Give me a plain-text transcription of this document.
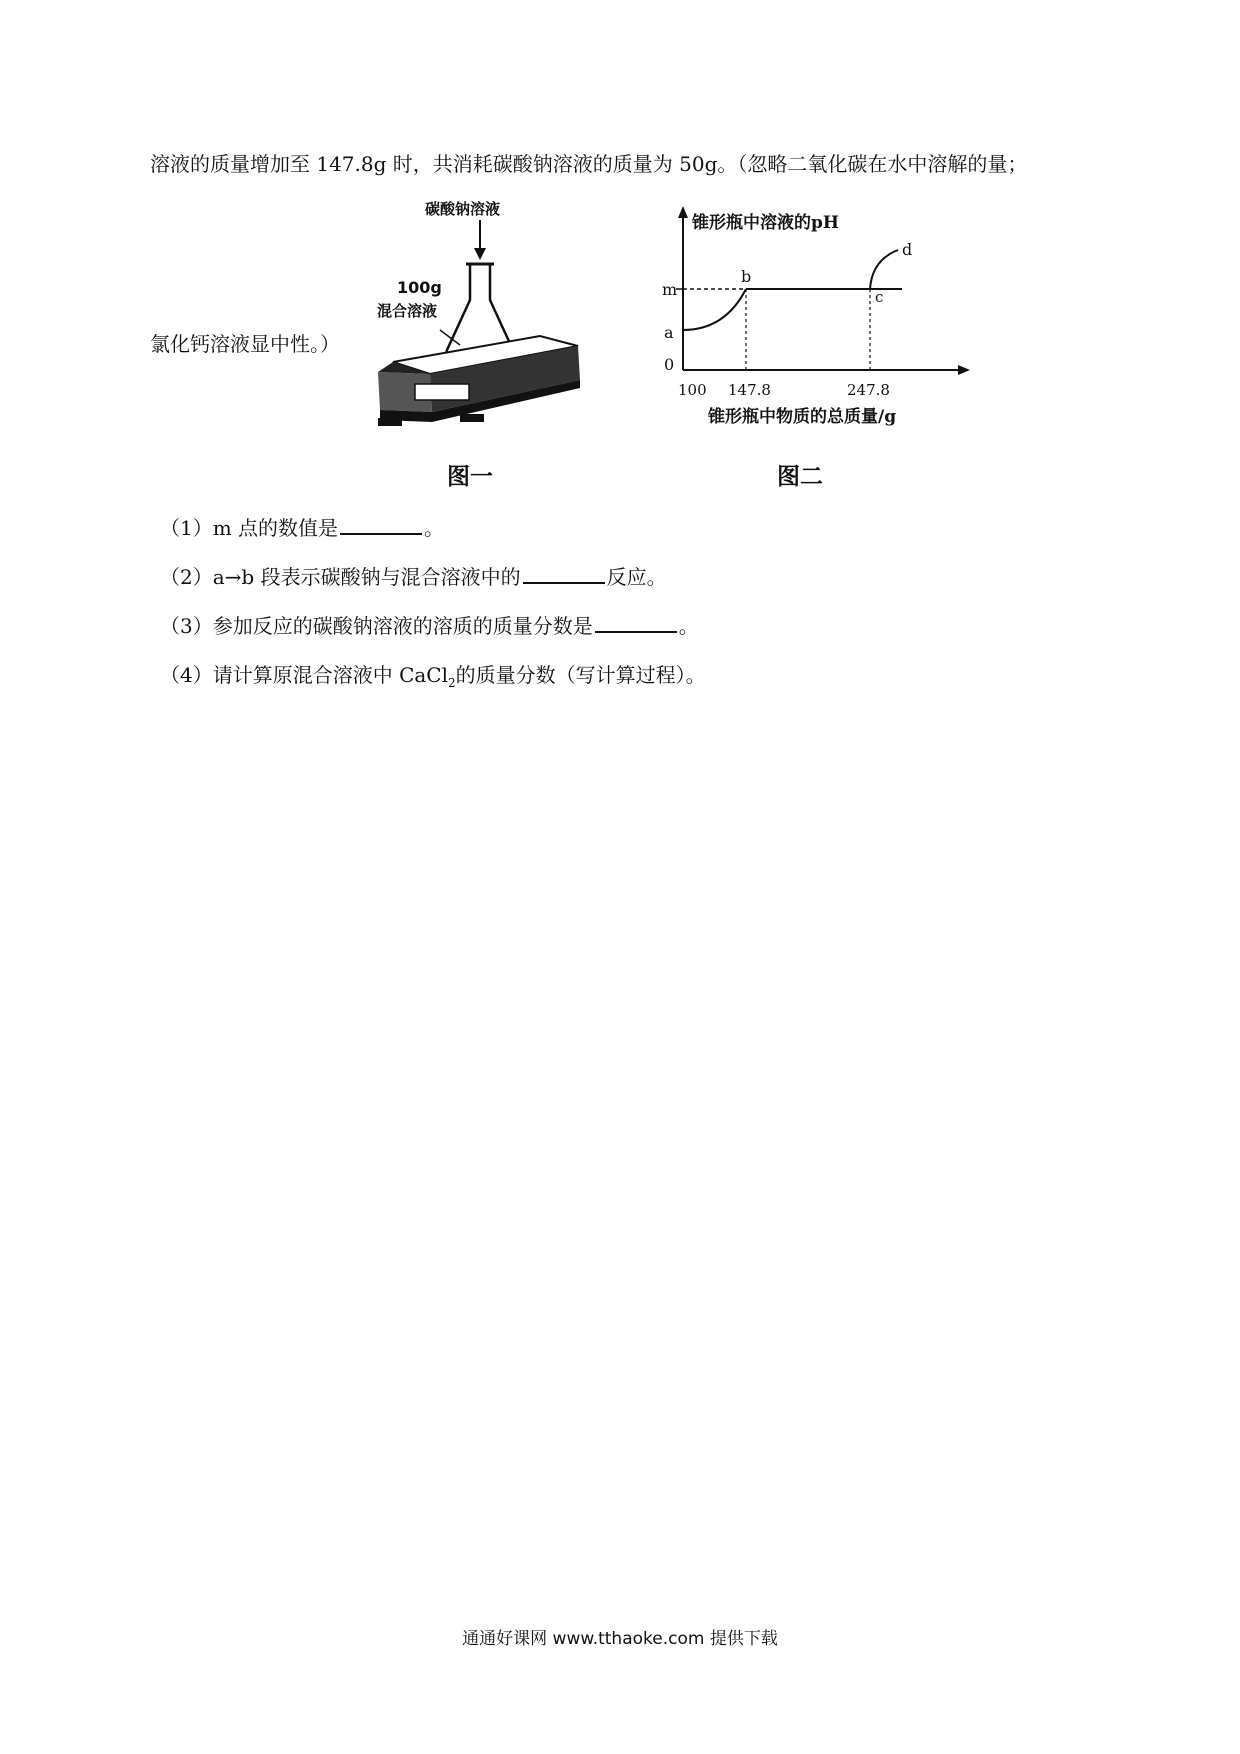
溶液的质量增加至 147.8g 时，共消耗碳酸钠溶液的质量为 50g。（忽略二氧化碳在水中溶解的量；
氯化钙溶液显中性。）
碳酸钠溶液
100g
混合溶液
图一
锥形瓶中溶液的pH
锥形瓶中物质的总质量/g
m
a
0
100 147.8	247.8
b
c
d
图二
（1）m 点的数值是	。
（2）a→b 段表示碳酸钠与混合溶液中的	反应。
（3）参加反应的碳酸钠溶液的溶质的质量分数是	。
（4）请计算原混合溶液中 CaCl$_2$的质量分数（写计算过程）。
通通好课网 www.tthaoke.com 提供下载
